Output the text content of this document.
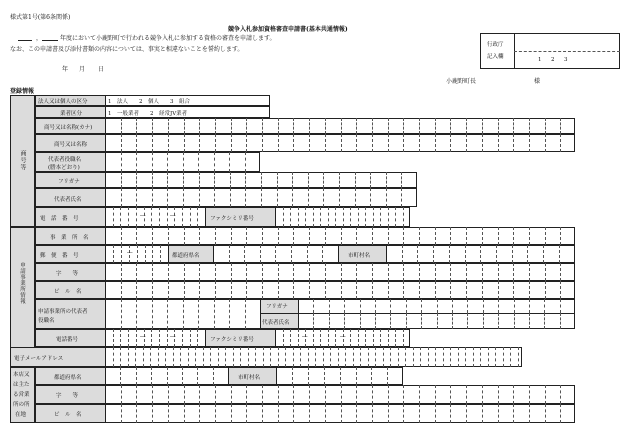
様式第1号(第6条関係)
競争入札参加資格審査申請書(基本共通情報)
，	年度において小鹿野町で行われる競争入札に参加する資格の審査を申請します。
なお、この申請書及び添付書類の内容については、事実と相違ないことを誓約します。
年 月 日
小鹿野町長	様
行政庁
記入欄	1　2　3
登録情報
商号等
法人又は個人の区分	1　法人　　2　個人　　3　組合
業者区分	1　一般業者　　2　経常JV業者
商号又は名称(カナ)
商号又は名称
代表者役職名
(謄本どおり)
フリガナ
代表者氏名
電　話　番　号	―	―	ファクシミリ番号
申請事業所情報
事　業　所　名
郵　便　番　号	―	都道府県名	市町村名
字　　等
ビ　ル　名
申請事業所の代表者
役職名
フリガナ
代表者氏名
電話番号	―	―	ファクシミリ番号	―	―
電子メールアドレス
本店又
は主た
る営業
所の所
在地
都道府県名	市町村名
字　　等
ビ　ル　名
